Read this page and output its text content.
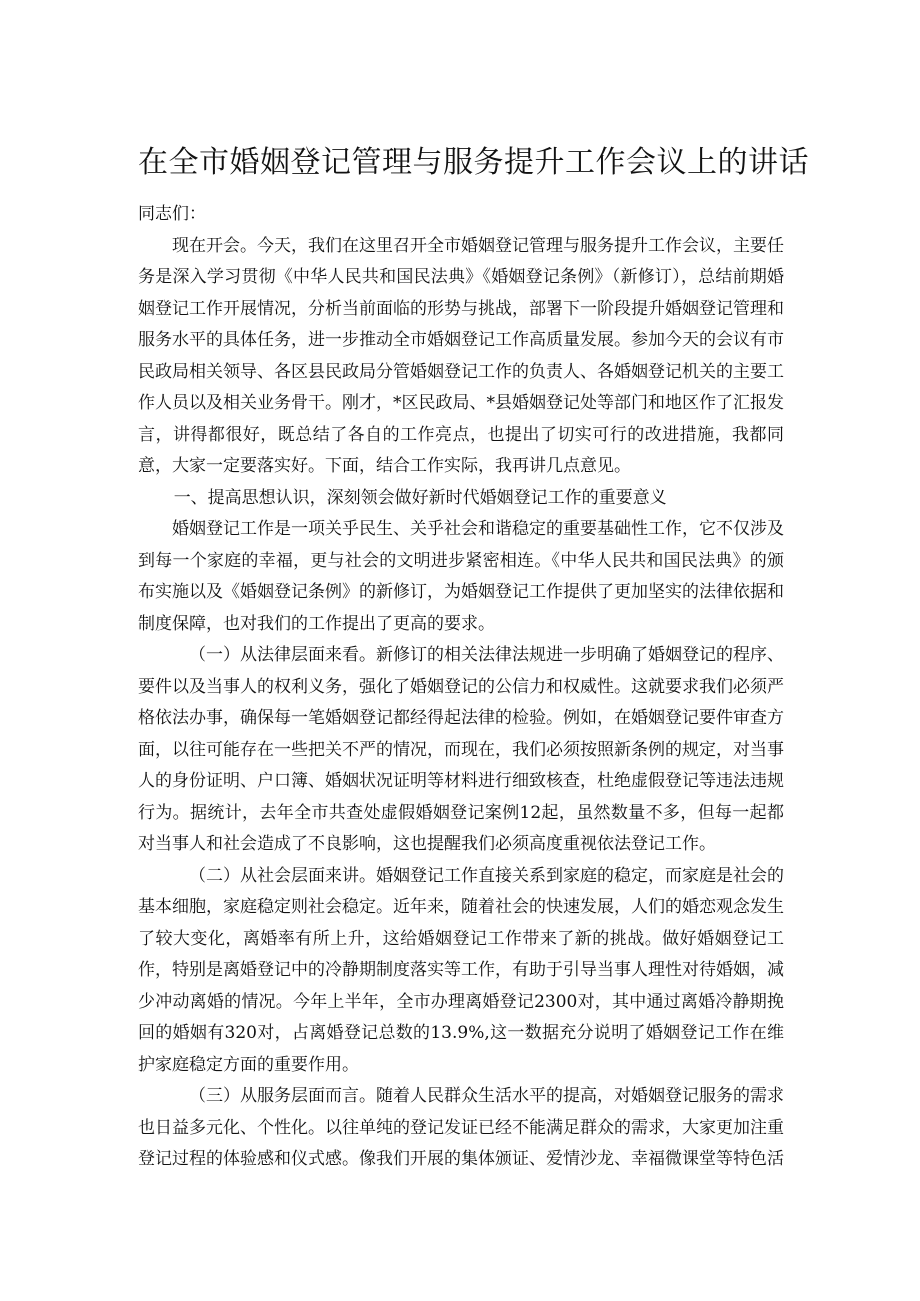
在全市婚姻登记管理与服务提升工作会议上的讲话

同志们：

现在开会。今天，我们在这里召开全市婚姻登记管理与服务提升工作会议，主要任务是深入学习贯彻《中华人民共和国民法典》《婚姻登记条例》（新修订），总结前期婚姻登记工作开展情况，分析当前面临的形势与挑战，部署下一阶段提升婚姻登记管理和服务水平的具体任务，进一步推动全市婚姻登记工作高质量发展。参加今天的会议有市民政局相关领导、各区县民政局分管婚姻登记工作的负责人、各婚姻登记机关的主要工作人员以及相关业务骨干。刚才，*区民政局、*县婚姻登记处等部门和地区作了汇报发言，讲得都很好，既总结了各自的工作亮点，也提出了切实可行的改进措施，我都同意，大家一定要落实好。下面，结合工作实际，我再讲几点意见。

一、提高思想认识，深刻领会做好新时代婚姻登记工作的重要意义

婚姻登记工作是一项关乎民生、关乎社会和谐稳定的重要基础性工作，它不仅涉及到每一个家庭的幸福，更与社会的文明进步紧密相连。《中华人民共和国民法典》的颁布实施以及《婚姻登记条例》的新修订，为婚姻登记工作提供了更加坚实的法律依据和制度保障，也对我们的工作提出了更高的要求。

（一）从法律层面来看。新修订的相关法律法规进一步明确了婚姻登记的程序、要件以及当事人的权利义务，强化了婚姻登记的公信力和权威性。这就要求我们必须严格依法办事，确保每一笔婚姻登记都经得起法律的检验。例如，在婚姻登记要件审查方面，以往可能存在一些把关不严的情况，而现在，我们必须按照新条例的规定，对当事人的身份证明、户口簿、婚姻状况证明等材料进行细致核查，杜绝虚假登记等违法违规行为。据统计，去年全市共查处虚假婚姻登记案例12起，虽然数量不多，但每一起都对当事人和社会造成了不良影响，这也提醒我们必须高度重视依法登记工作。

（二）从社会层面来讲。婚姻登记工作直接关系到家庭的稳定，而家庭是社会的基本细胞，家庭稳定则社会稳定。近年来，随着社会的快速发展，人们的婚恋观念发生了较大变化，离婚率有所上升，这给婚姻登记工作带来了新的挑战。做好婚姻登记工作，特别是离婚登记中的冷静期制度落实等工作，有助于引导当事人理性对待婚姻，减少冲动离婚的情况。今年上半年，全市办理离婚登记2300对，其中通过离婚冷静期挽回的婚姻有320对，占离婚登记总数的13.9%,这一数据充分说明了婚姻登记工作在维护家庭稳定方面的重要作用。

（三）从服务层面而言。随着人民群众生活水平的提高，对婚姻登记服务的需求也日益多元化、个性化。以往单纯的登记发证已经不能满足群众的需求，大家更加注重登记过程的体验感和仪式感。像我们开展的集体颁证、爱情沙龙、幸福微课堂等特色活
